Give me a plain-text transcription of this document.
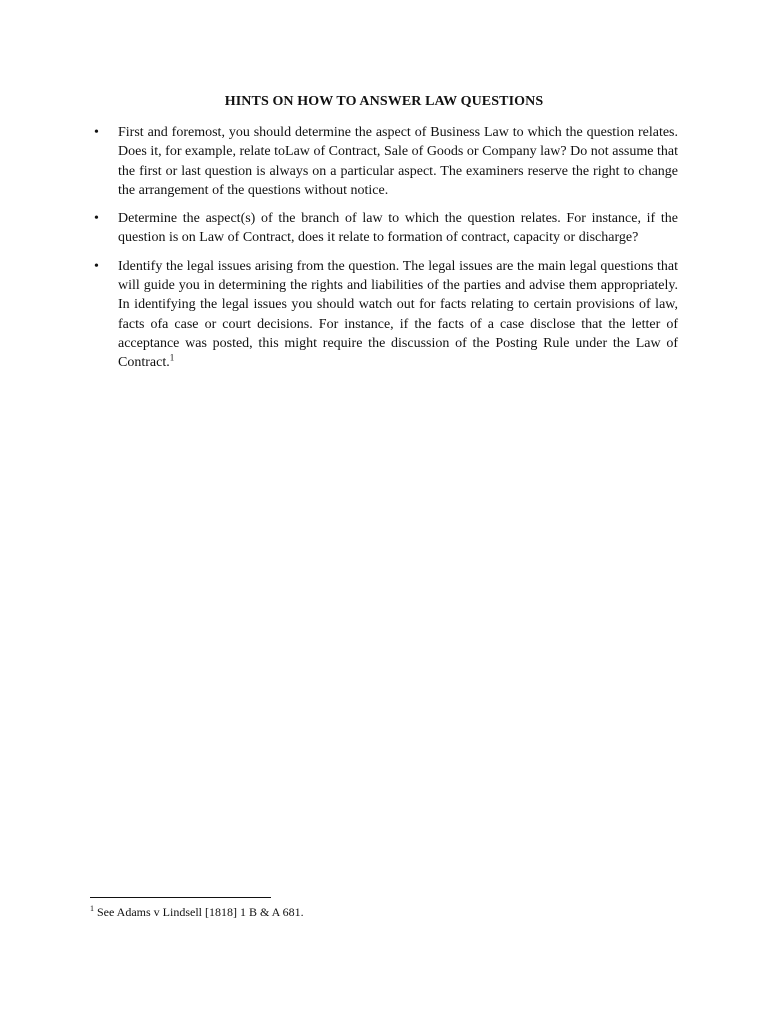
HINTS ON HOW TO ANSWER LAW QUESTIONS
• First and foremost, you should determine the aspect of Business Law to which the question relates. Does it, for example, relate toLaw of Contract, Sale of Goods or Company law? Do not assume that the first or last question is always on a particular aspect. The examiners reserve the right to change the arrangement of the questions without notice.
• Determine the aspect(s) of the branch of law to which the question relates. For instance, if the question is on Law of Contract, does it relate to formation of contract, capacity or discharge?
• Identify the legal issues arising from the question. The legal issues are the main legal questions that will guide you in determining the rights and liabilities of the parties and advise them appropriately. In identifying the legal issues you should watch out for facts relating to certain provisions of law, facts ofa case or court decisions. For instance, if the facts of a case disclose that the letter of acceptance was posted, this might require the discussion of the Posting Rule under the Law of Contract.$^1$
$^1$ See Adams v Lindsell [1818] 1 B & A 681.
